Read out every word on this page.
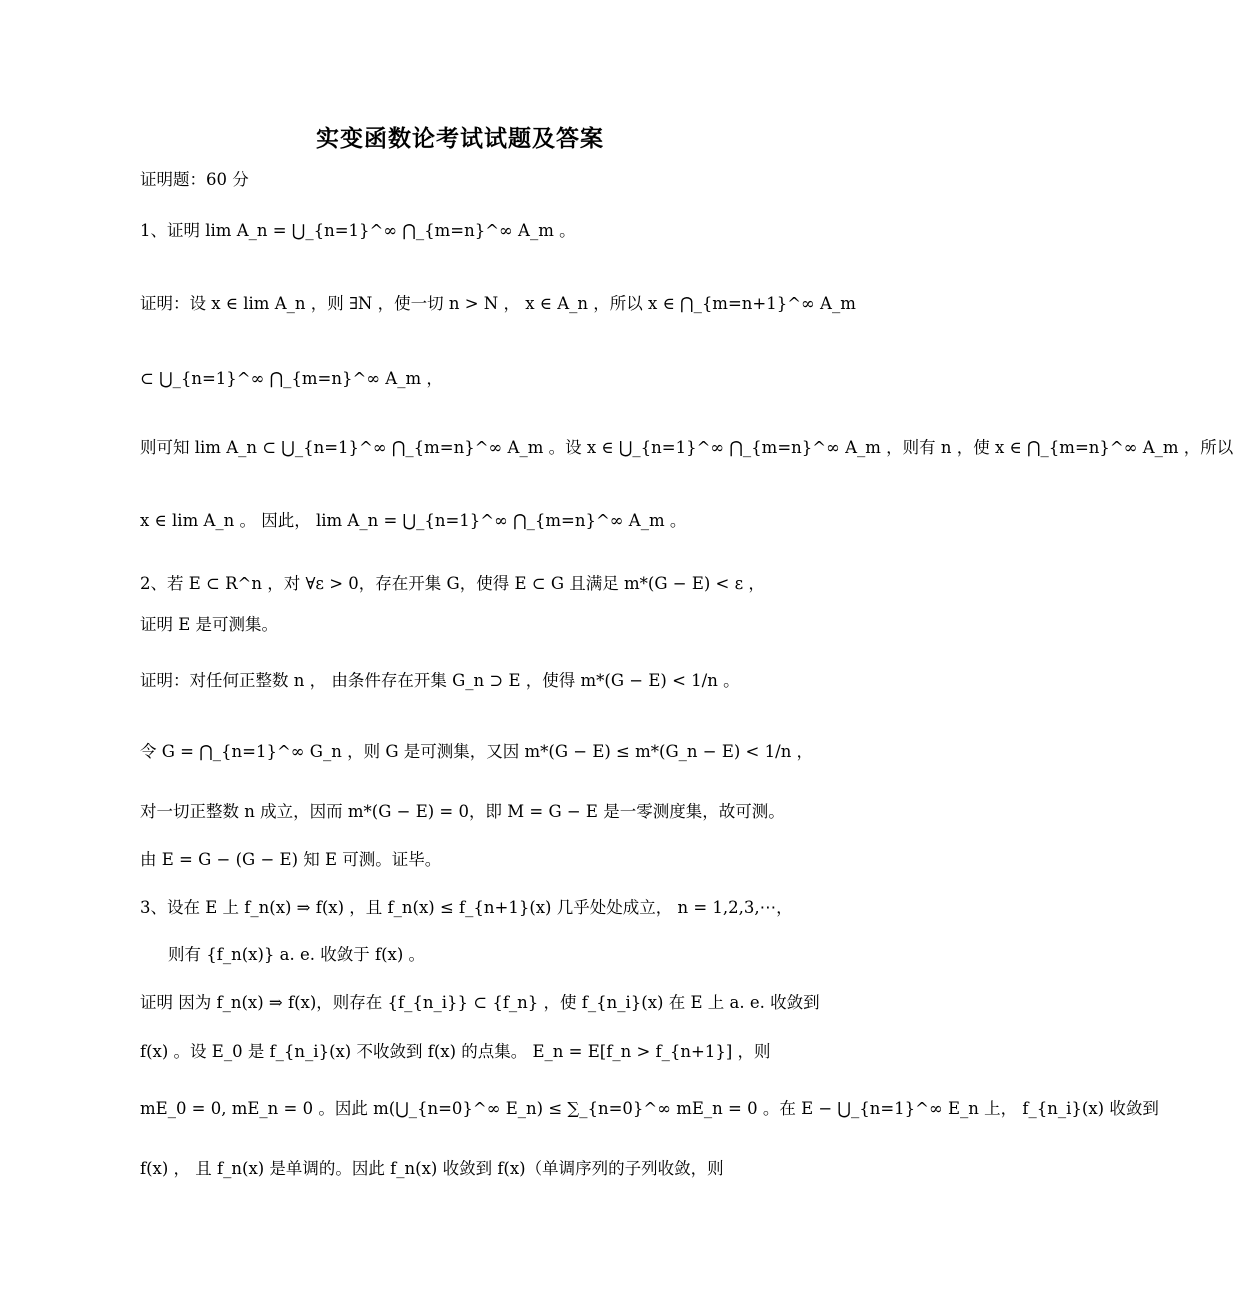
实变函数论考试试题及答案
证明题：60 分
1、证明 lim A_n = ⋃_{n=1}^∞ ⋂_{m=n}^∞ A_m 。
证明：设 x ∈ lim A_n ，则 ∃N ，使一切 n > N ， x ∈ A_n ，所以 x ∈ ⋂_{m=n+1}^∞ A_m
⊂ ⋃_{n=1}^∞ ⋂_{m=n}^∞ A_m ，
则可知 lim A_n ⊂ ⋃_{n=1}^∞ ⋂_{m=n}^∞ A_m 。设 x ∈ ⋃_{n=1}^∞ ⋂_{m=n}^∞ A_m ，则有 n ，使 x ∈ ⋂_{m=n}^∞ A_m ，所以
x ∈ lim A_n 。 因此， lim A_n = ⋃_{n=1}^∞ ⋂_{m=n}^∞ A_m 。
2、若 E ⊂ R^n ，对 ∀ε > 0，存在开集 G，使得 E ⊂ G 且满足 m*(G − E) < ε ，
证明 E 是可测集。
证明：对任何正整数 n ， 由条件存在开集 G_n ⊃ E ，使得 m*(G − E) < 1/n 。
令 G = ⋂_{n=1}^∞ G_n ，则 G 是可测集，又因 m*(G − E) ≤ m*(G_n − E) < 1/n ，
对一切正整数 n 成立，因而 m*(G − E) = 0，即 M = G − E 是一零测度集，故可测。
由 E = G − (G − E) 知 E 可测。证毕。
3、设在 E 上 f_n(x) ⇒ f(x) ，且 f_n(x) ≤ f_{n+1}(x) 几乎处处成立， n = 1,2,3,⋯，
则有 {f_n(x)} a. e. 收敛于 f(x) 。
证明 因为 f_n(x) ⇒ f(x)，则存在 {f_{n_i}} ⊂ {f_n} ，使 f_{n_i}(x) 在 E 上 a. e. 收敛到
f(x) 。设 E_0 是 f_{n_i}(x) 不收敛到 f(x) 的点集。 E_n = E[f_n > f_{n+1}] ，则
mE_0 = 0, mE_n = 0 。因此 m(⋃_{n=0}^∞ E_n) ≤ ∑_{n=0}^∞ mE_n = 0 。在 E − ⋃_{n=1}^∞ E_n 上， f_{n_i}(x) 收敛到
f(x) ， 且 f_n(x) 是单调的。因此 f_n(x) 收敛到 f(x)（单调序列的子列收敛，则
